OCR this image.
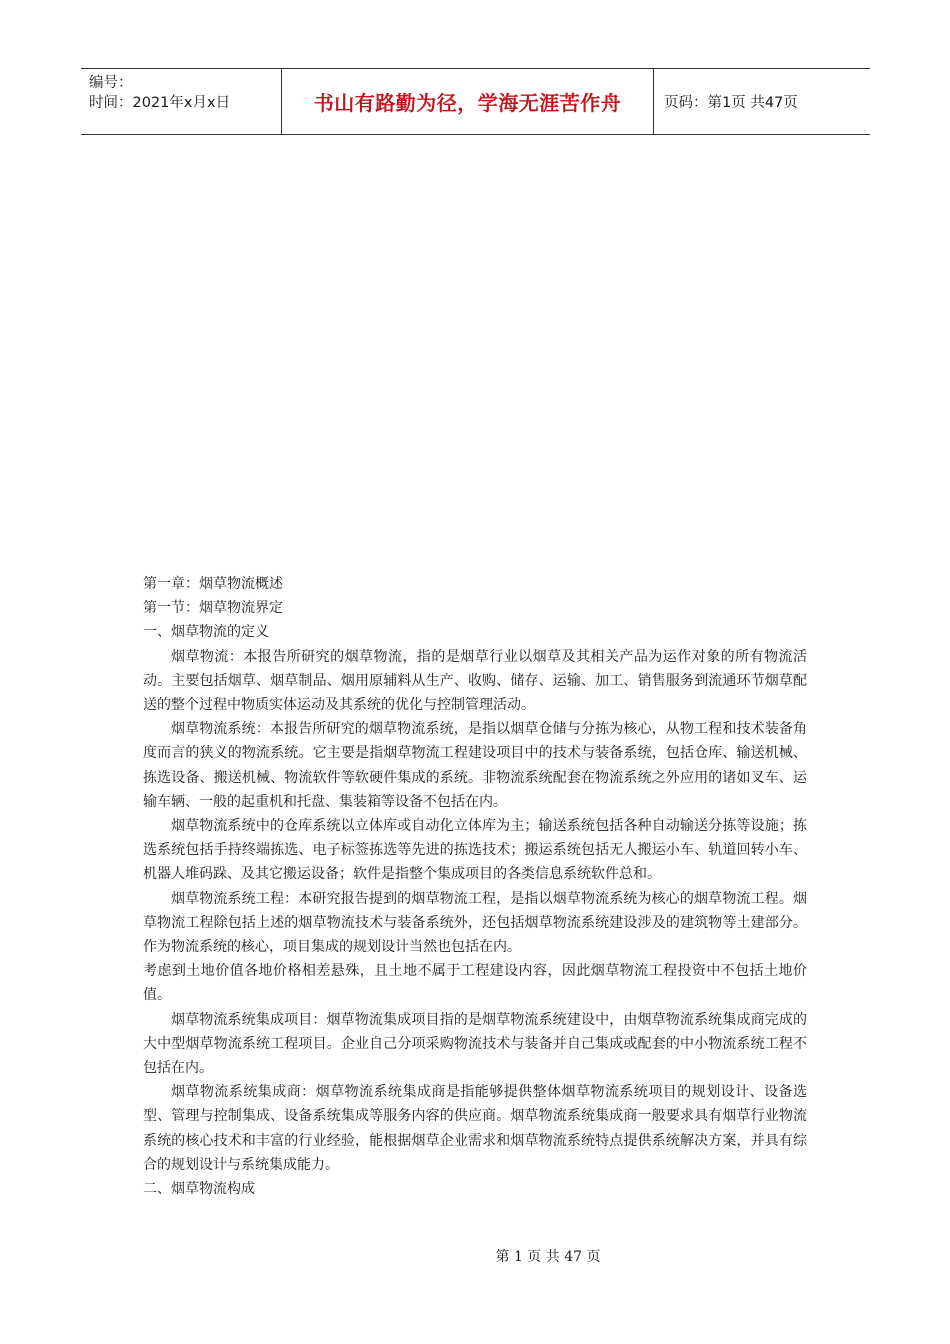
编号：
时间：2021年x月x日	书山有路勤为径，学海无涯苦作舟	页码：第1页 共47页

第一章：烟草物流概述

第一节：烟草物流界定

一、烟草物流的定义

烟草物流：本报告所研究的烟草物流，指的是烟草行业以烟草及其相关产品为运作对象的所有物流活动。主要包括烟草、烟草制品、烟用原辅料从生产、收购、储存、运输、加工、销售服务到流通环节烟草配送的整个过程中物质实体运动及其系统的优化与控制管理活动。

烟草物流系统：本报告所研究的烟草物流系统，是指以烟草仓储与分拣为核心，从物工程和技术装备角度而言的狭义的物流系统。它主要是指烟草物流工程建设项目中的技术与装备系统，包括仓库、输送机械、拣选设备、搬送机械、物流软件等软硬件集成的系统。非物流系统配套在物流系统之外应用的诸如叉车、运输车辆、一般的起重机和托盘、集装箱等设备不包括在内。

烟草物流系统中的仓库系统以立体库或自动化立体库为主；输送系统包括各种自动输送分拣等设施；拣选系统包括手持终端拣选、电子标签拣选等先进的拣选技术；搬运系统包括无人搬运小车、轨道回转小车、机器人堆码跺、及其它搬运设备；软件是指整个集成项目的各类信息系统软件总和。

烟草物流系统工程：本研究报告提到的烟草物流工程，是指以烟草物流系统为核心的烟草物流工程。烟草物流工程除包括上述的烟草物流技术与装备系统外，还包括烟草物流系统建设涉及的建筑物等土建部分。作为物流系统的核心，项目集成的规划设计当然也包括在内。

考虑到土地价值各地价格相差悬殊，且土地不属于工程建设内容，因此烟草物流工程投资中不包括土地价值。

烟草物流系统集成项目：烟草物流集成项目指的是烟草物流系统建设中，由烟草物流系统集成商完成的大中型烟草物流系统工程项目。企业自己分项采购物流技术与装备并自己集成或配套的中小物流系统工程不包括在内。

烟草物流系统集成商：烟草物流系统集成商是指能够提供整体烟草物流系统项目的规划设计、设备选型、管理与控制集成、设备系统集成等服务内容的供应商。烟草物流系统集成商一般要求具有烟草行业物流系统的核心技术和丰富的行业经验，能根据烟草企业需求和烟草物流系统特点提供系统解决方案，并具有综合的规划设计与系统集成能力。

二、烟草物流构成

第 1 页 共 47 页
